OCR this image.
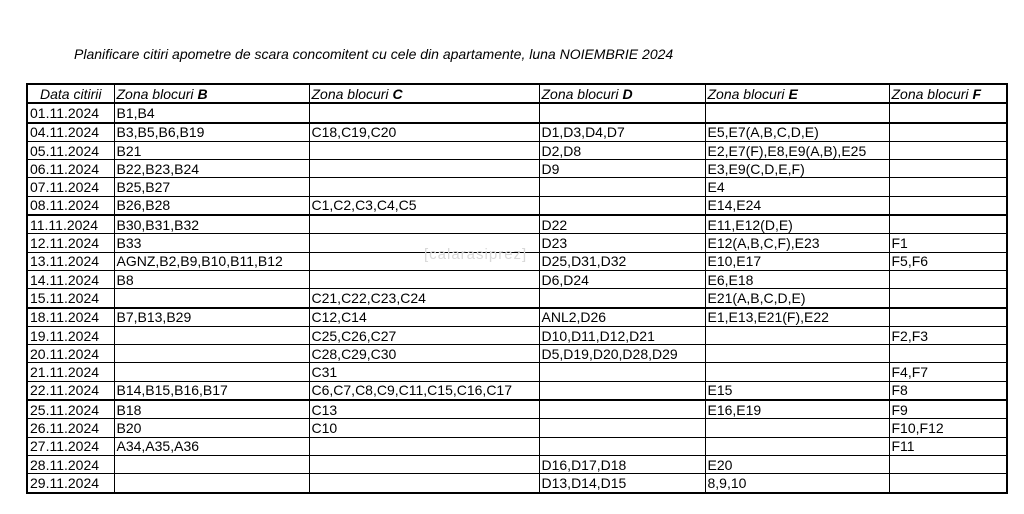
Planificare citiri apometre de scara concomitent cu cele din apartamente, luna NOIEMBRIE 2024
Data citirii	Zona blocuri B	Zona blocuri C	Zona blocuri D	Zona blocuri E	Zona blocuri F
01.11.2024	B1,B4				
04.11.2024	B3,B5,B6,B19	C18,C19,C20	D1,D3,D4,D7	E5,E7(A,B,C,D,E)	
05.11.2024	B21		D2,D8	E2,E7(F),E8,E9(A,B),E25	
06.11.2024	B22,B23,B24		D9	E3,E9(C,D,E,F)	
07.11.2024	B25,B27			E4	
08.11.2024	B26,B28	C1,C2,C3,C4,C5		E14,E24	
11.11.2024	B30,B31,B32		D22	E11,E12(D,E)	
12.11.2024	B33		D23	E12(A,B,C,F),E23	F1
13.11.2024	AGNZ,B2,B9,B10,B11,B12		D25,D31,D32	E10,E17	F5,F6
14.11.2024	B8		D6,D24	E6,E18	
15.11.2024		C21,C22,C23,C24		E21(A,B,C,D,E)	
18.11.2024	B7,B13,B29	C12,C14	ANL2,D26	E1,E13,E21(F),E22	
19.11.2024		C25,C26,C27	D10,D11,D12,D21		F2,F3
20.11.2024		C28,C29,C30	D5,D19,D20,D28,D29		
21.11.2024		C31			F4,F7
22.11.2024	B14,B15,B16,B17	C6,C7,C8,C9,C11,C15,C16,C17		E15	F8
25.11.2024	B18	C13		E16,E19	F9
26.11.2024	B20	C10			F10,F12
27.11.2024	A34,A35,A36				F11
28.11.2024			D16,D17,D18	E20	
29.11.2024			D13,D14,D15	8,9,10	
[calarasiprez]
